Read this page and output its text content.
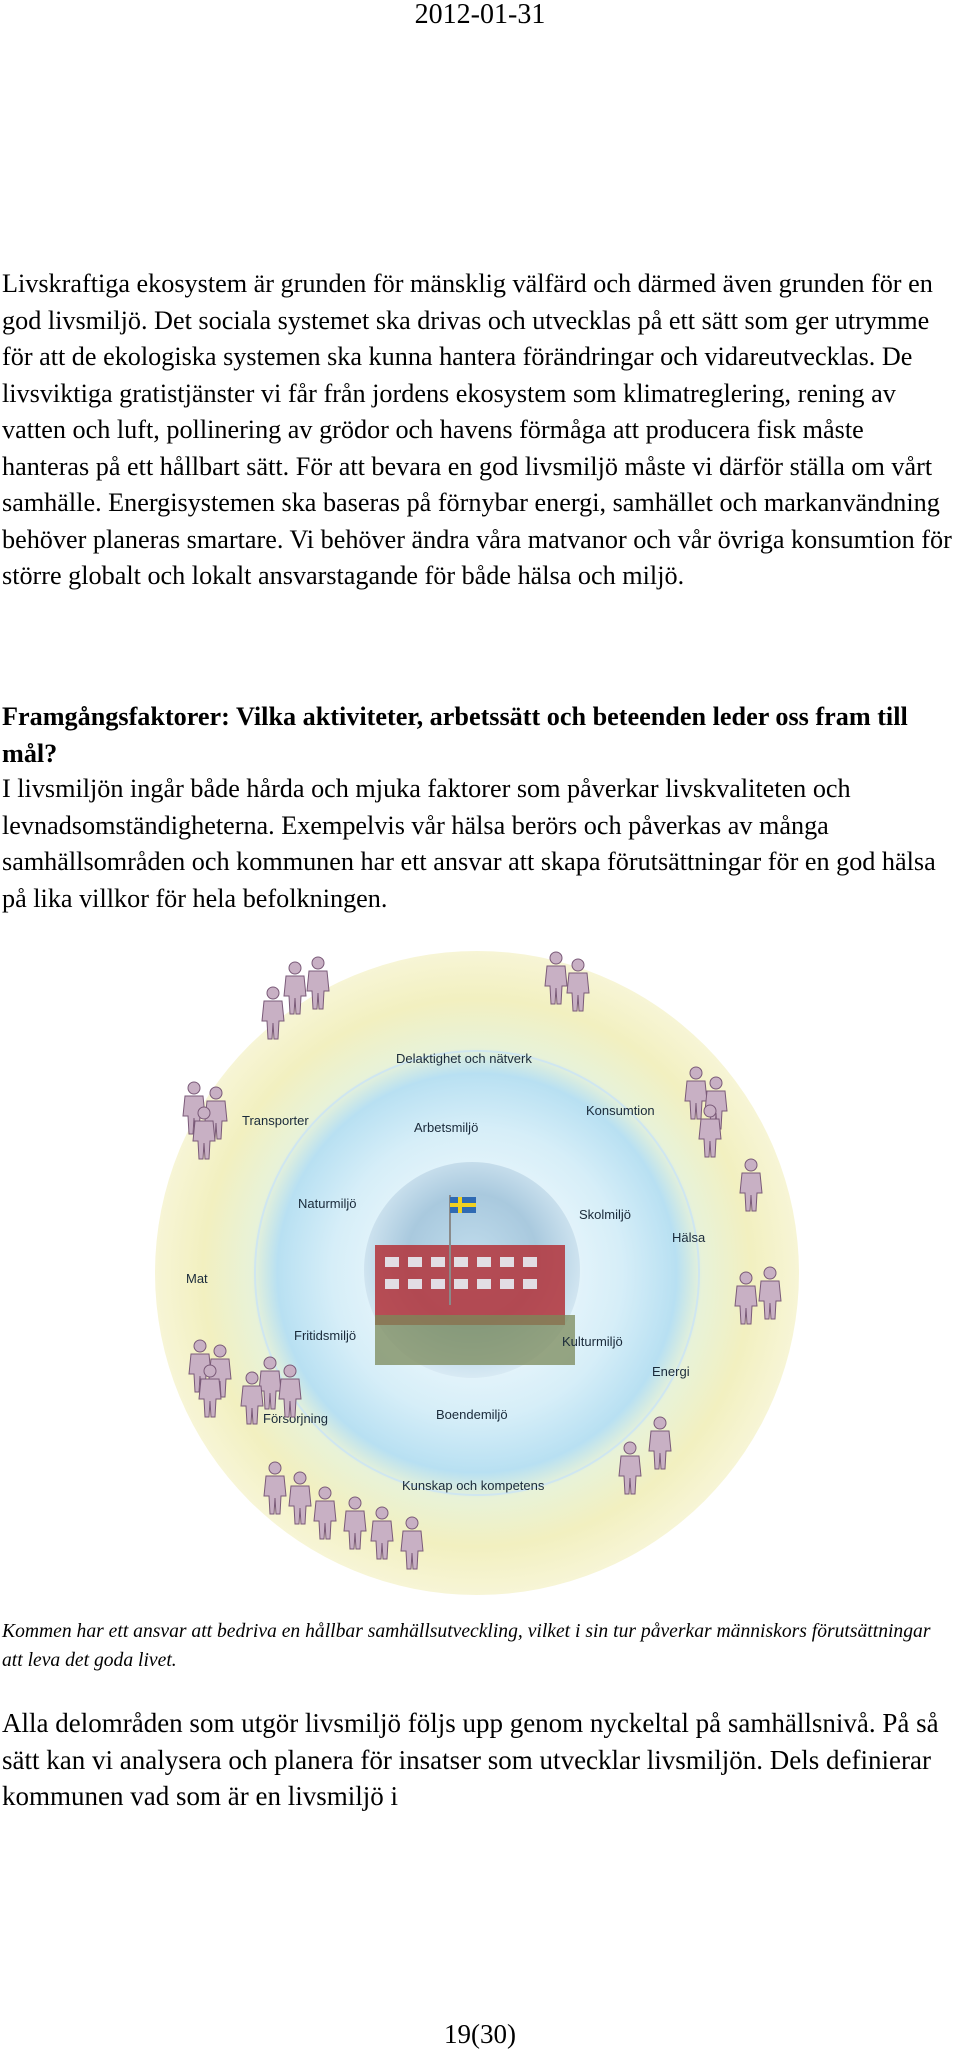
2012-01-31

Livskraftiga ekosystem är grunden för mänsklig välfärd och därmed även grunden för en god livsmiljö. Det sociala systemet ska drivas och utvecklas på ett sätt som ger utrymme för att de ekologiska systemen ska kunna hantera förändringar och vidareutvecklas. De livsviktiga gratistjänster vi får från jordens ekosystem som klimatreglering, rening av vatten och luft, pollinering av grödor och havens förmåga att producera fisk måste hanteras på ett hållbart sätt. För att bevara en god livsmiljö måste vi därför ställa om vårt samhälle. Energisystemen ska baseras på förnybar energi, samhället och markanvändning behöver planeras smartare. Vi behöver ändra våra matvanor och vår övriga konsumtion för större globalt och lokalt ansvarstagande för både hälsa och miljö.

Framgångsfaktorer: Vilka aktiviteter, arbetssätt och beteenden leder oss fram till mål?

I livsmiljön ingår både hårda och mjuka faktorer som påverkar livskvaliteten och levnadsomständigheterna. Exempelvis vår hälsa berörs och påverkas av många samhällsområden och kommunen har ett ansvar att skapa förutsättningar för en god hälsa på lika villkor för hela befolkningen.

Delaktighet och nätverk
Transporter	Arbetsmiljö
Konsumtion
Naturmiljö
Skolmiljö
Hälsa
Mat
Fritidsmiljö	Kulturmiljö
Energi
Försörjning	Boendemiljö
Kunskap och kompetens

Kommen har ett ansvar att bedriva en hållbar samhällsutveckling, vilket i sin tur påverkar människors förutsättningar att leva det goda livet.

Alla delområden som utgör livsmiljö följs upp genom nyckeltal på samhällsnivå. På så sätt kan vi analysera och planera för insatser som utvecklar livsmiljön. Dels definierar kommunen vad som är en livsmiljö i

19(30)
